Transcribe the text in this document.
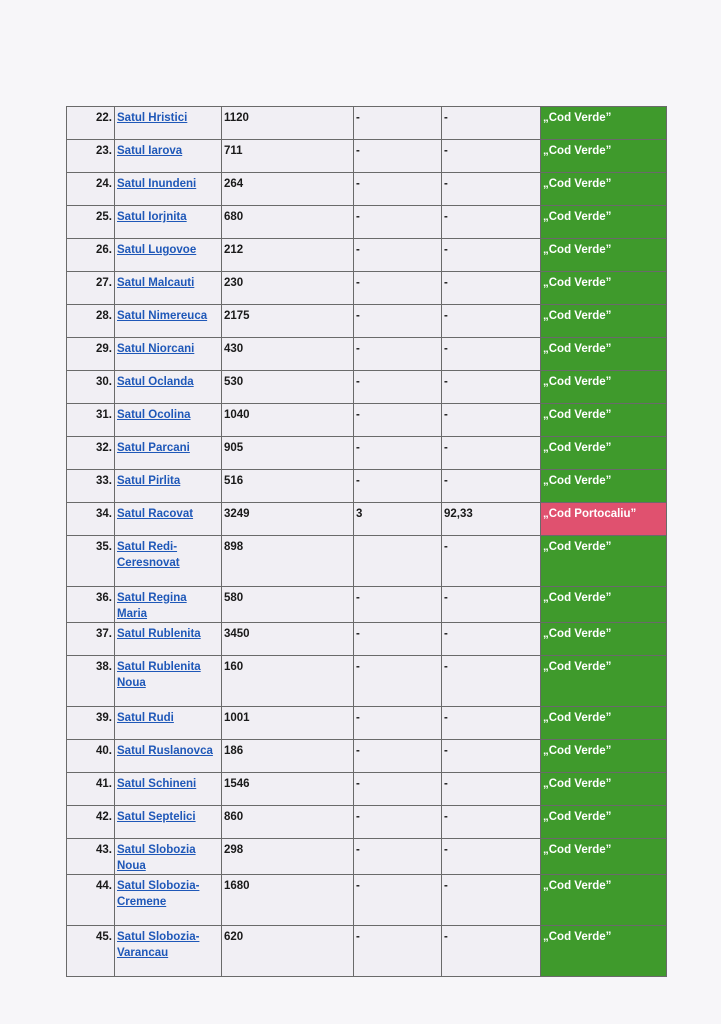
22.	Satul Hristici	1120	-	-	„Cod Verde”
23.	Satul Iarova	711	-	-	„Cod Verde”
24.	Satul Inundeni	264	-	-	„Cod Verde”
25.	Satul Iorjnita	680	-	-	„Cod Verde”
26.	Satul Lugovoe	212	-	-	„Cod Verde”
27.	Satul Malcauti	230	-	-	„Cod Verde”
28.	Satul Nimereuca	2175	-	-	„Cod Verde”
29.	Satul Niorcani	430	-	-	„Cod Verde”
30.	Satul Oclanda	530	-	-	„Cod Verde”
31.	Satul Ocolina	1040	-	-	„Cod Verde”
32.	Satul Parcani	905	-	-	„Cod Verde”
33.	Satul Pirlita	516	-	-	„Cod Verde”
34.	Satul Racovat	3249	3	92,33	„Cod Portocaliu”
35.	Satul Redi-Ceresnovat	898		-	„Cod Verde”
36.	Satul Regina Maria	580	-	-	„Cod Verde”
37.	Satul Rublenita	3450	-	-	„Cod Verde”
38.	Satul Rublenita Noua	160	-	-	„Cod Verde”
39.	Satul Rudi	1001	-	-	„Cod Verde”
40.	Satul Ruslanovca	186	-	-	„Cod Verde”
41.	Satul Schineni	1546	-	-	„Cod Verde”
42.	Satul Septelici	860	-	-	„Cod Verde”
43.	Satul Slobozia Noua	298	-	-	„Cod Verde”
44.	Satul Slobozia-Cremene	1680	-	-	„Cod Verde”
45.	Satul Slobozia-Varancau	620	-	-	„Cod Verde”
